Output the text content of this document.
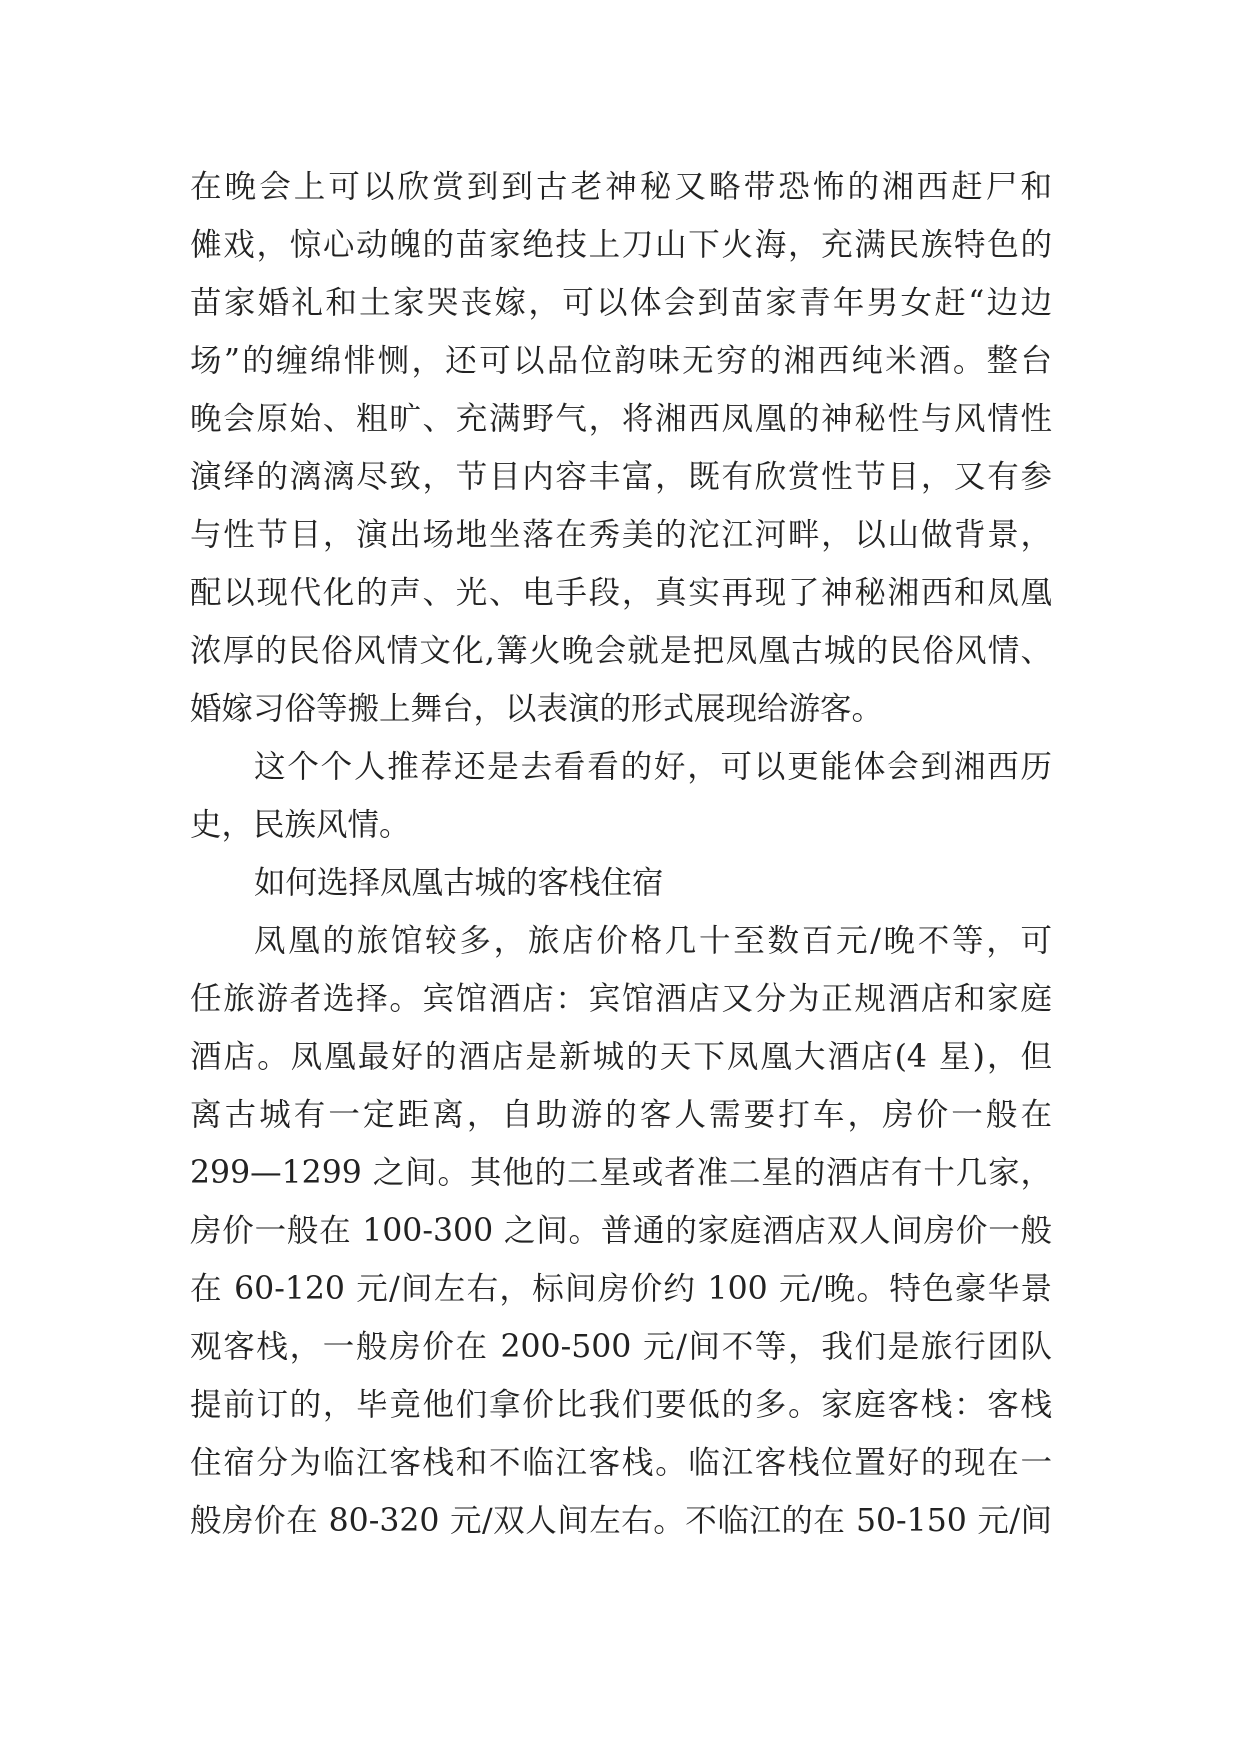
在晚会上可以欣赏到到古老神秘又略带恐怖的湘西赶尸和
傩戏，惊心动魄的苗家绝技上刀山下火海，充满民族特色的
苗家婚礼和土家哭丧嫁，可以体会到苗家青年男女赶“边边
场”的缠绵悱恻，还可以品位韵味无穷的湘西纯米酒。整台
晚会原始、粗旷、充满野气，将湘西凤凰的神秘性与风情性
演绎的漓漓尽致，节目内容丰富，既有欣赏性节目，又有参
与性节目，演出场地坐落在秀美的沱江河畔，以山做背景，
配以现代化的声、光、电手段，真实再现了神秘湘西和凤凰
浓厚的民俗风情文化,篝火晚会就是把凤凰古城的民俗风情、
婚嫁习俗等搬上舞台，以表演的形式展现给游客。
这个个人推荐还是去看看的好，可以更能体会到湘西历
史，民族风情。
如何选择凤凰古城的客栈住宿
凤凰的旅馆较多，旅店价格几十至数百元/晚不等，可
任旅游者选择。宾馆酒店：宾馆酒店又分为正规酒店和家庭
酒店。凤凰最好的酒店是新城的天下凤凰大酒店(4 星)，但
离古城有一定距离，自助游的客人需要打车，房价一般在
299—1299 之间。其他的二星或者准二星的酒店有十几家，
房价一般在 100-300 之间。普通的家庭酒店双人间房价一般
在 60-120 元/间左右，标间房价约 100 元/晚。特色豪华景
观客栈，一般房价在 200-500 元/间不等，我们是旅行团队
提前订的，毕竟他们拿价比我们要低的多。家庭客栈：客栈
住宿分为临江客栈和不临江客栈。临江客栈位置好的现在一
般房价在 80-320 元/双人间左右。不临江的在 50-150 元/间
